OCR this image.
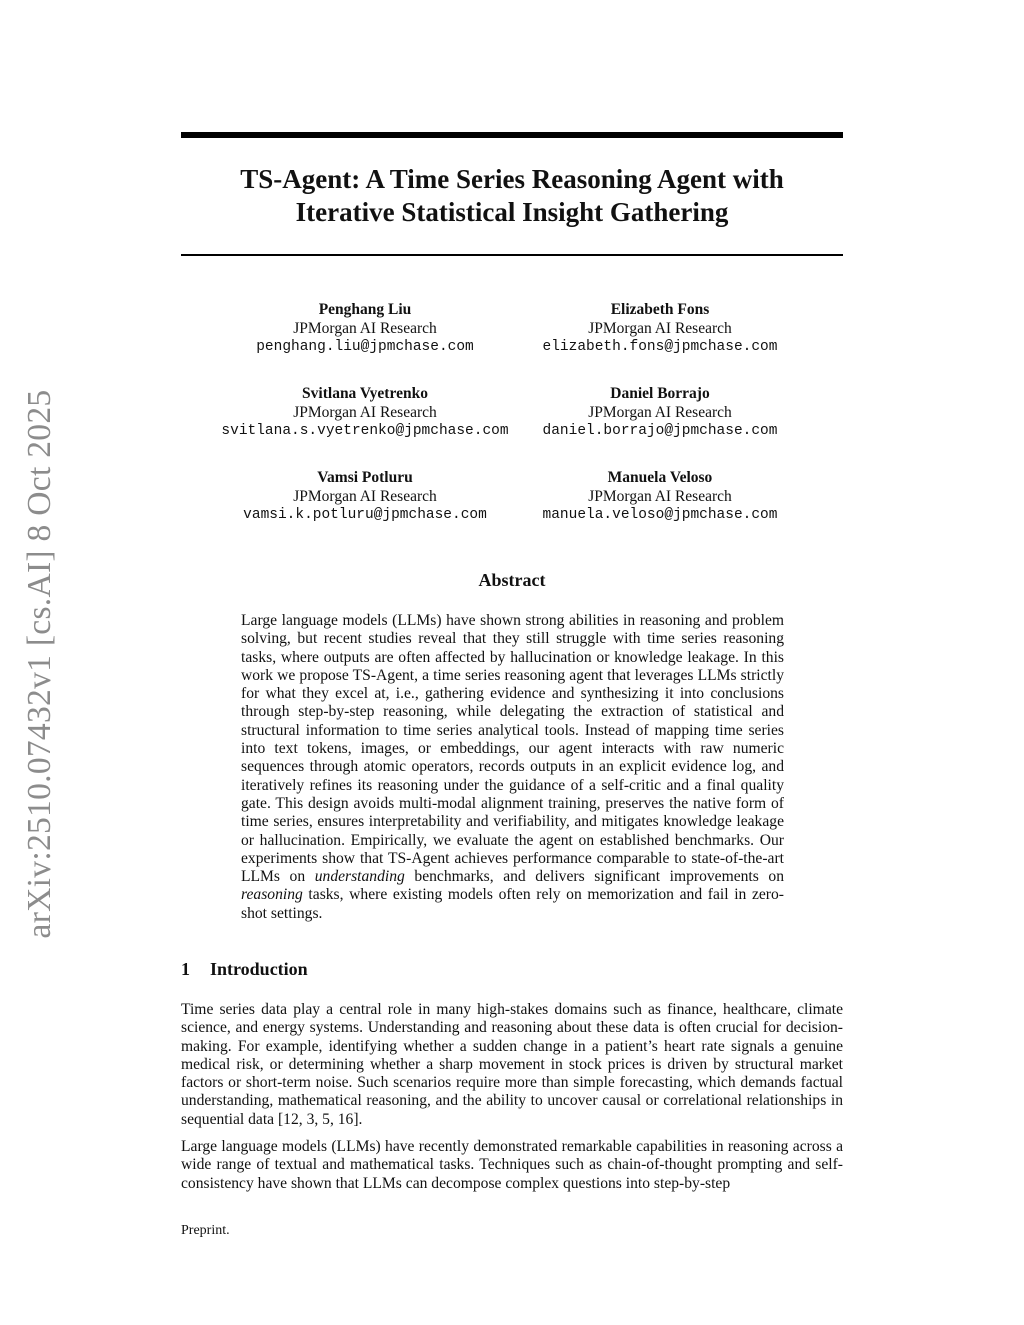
arXiv:2510.07432v1 [cs.AI] 8 Oct 2025
TS-Agent: A Time Series Reasoning Agent with
Iterative Statistical Insight Gathering
Penghang Liu
JPMorgan AI Research
penghang.liu@jpmchase.com
Elizabeth Fons
JPMorgan AI Research
elizabeth.fons@jpmchase.com
Svitlana Vyetrenko
JPMorgan AI Research
svitlana.s.vyetrenko@jpmchase.com
Daniel Borrajo
JPMorgan AI Research
daniel.borrajo@jpmchase.com
Vamsi Potluru
JPMorgan AI Research
vamsi.k.potluru@jpmchase.com
Manuela Veloso
JPMorgan AI Research
manuela.veloso@jpmchase.com
Abstract

Large language models (LLMs) have shown strong abilities in reasoning and problem solving, but recent studies reveal that they still struggle with time series reasoning tasks, where outputs are often affected by hallucination or knowledge leakage. In this work we propose TS-Agent, a time series reasoning agent that leverages LLMs strictly for what they excel at, i.e., gathering evidence and synthesizing it into conclusions through step-by-step reasoning, while delegating the extraction of statistical and structural information to time series analytical tools. Instead of mapping time series into text tokens, images, or embeddings, our agent interacts with raw numeric sequences through atomic operators, records outputs in an explicit evidence log, and iteratively refines its reasoning under the guidance of a self-critic and a final quality gate. This design avoids multi-modal alignment training, preserves the native form of time series, ensures interpretability and verifiability, and mitigates knowledge leakage or hallucination. Empirically, we evaluate the agent on established benchmarks. Our experiments show that TS-Agent achieves performance comparable to state-of-the-art LLMs on understanding benchmarks, and delivers significant improvements on reasoning tasks, where existing models often rely on memorization and fail in zero-shot settings.

1 Introduction

Time series data play a central role in many high-stakes domains such as finance, healthcare, climate science, and energy systems. Understanding and reasoning about these data is often crucial for decision-making. For example, identifying whether a sudden change in a patient’s heart rate signals a genuine medical risk, or determining whether a sharp movement in stock prices is driven by structural market factors or short-term noise. Such scenarios require more than simple forecasting, which demands factual understanding, mathematical reasoning, and the ability to uncover causal or correlational relationships in sequential data [12, 3, 5, 16].

Large language models (LLMs) have recently demonstrated remarkable capabilities in reasoning across a wide range of textual and mathematical tasks. Techniques such as chain-of-thought prompting and self-consistency have shown that LLMs can decompose complex questions into step-by-step

Preprint.
